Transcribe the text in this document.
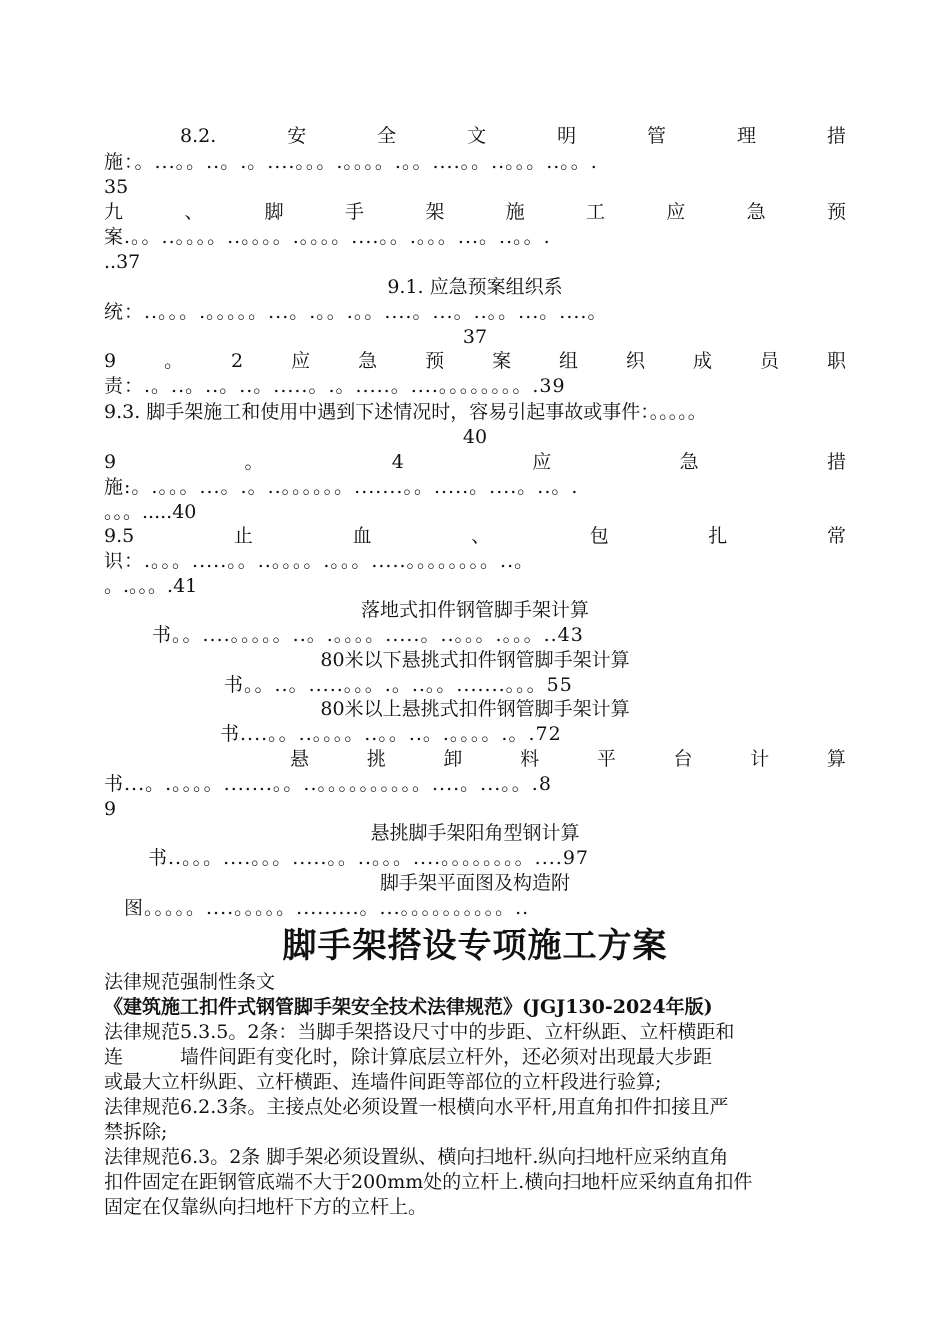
8.2.	安	全	文	明	管	理	措
施：。...。。..。.。....。。。.。。。。.。。....。。..。。。..。。.
35
九	、	脚	手	架	施	工	应	急	预
案.。。..。。。。..。。。。.。。。。....。。.。。。...。..。。.
..37
9.1. 应急预案组织系
统：..。。。.。。。。。...。.。。.。。....。...。..。。...。....。
37
9	。	2	应	急	预	案	组	织	成	员	职
责：.。..。..。..。.....。.。.....。....。。。。。。。。.39
9.3. 脚手架施工和使用中遇到下述情况时，容易引起事故或事件：。。。。。
40
9	。	4	应	急	措
施:。.。。。...。.。..。。。。。。.......。。.....。....。..。.
。。。.....40
9.5	止	血	、	包	扎	常
识：.。。。.....。。..。。。。.。。。.....。。。。。。。。..。
。.。。。.41
落地式扣件钢管脚手架计算
书。。....。。。。。..。.。。。。.....。..。。。.。。。..43
80米以下悬挑式扣件钢管脚手架计算
书。。..。.....。。。.。..。。.......。。。55
80米以上悬挑式扣件钢管脚手架计算
书....。。..。。。。..。。..。.。。。。.。.72
悬	挑	卸	料	平	台	计	算
书...。.。。。。.......。。..。。。。。。。。。。....。...。。.8
9
悬挑脚手架阳角型钢计算
书..。。。....。。。.....。。..。。。....。。。。。。。。....97
脚手架平面图及构造附
图。。。。。....。。。。。.........。...。。。。。。。。。。..
脚手架搭设专项施工方案
法律规范强制性条文
《建筑施工扣件式钢管脚手架安全技术法律规范》(JGJ130-2024年版)
法律规范5.3.5。2条：当脚手架搭设尺寸中的步距、立杆纵距、立杆横距和
连　　　墙件间距有变化时，除计算底层立杆外，还必须对出现最大步距
或最大立杆纵距、立杆横距、连墙件间距等部位的立杆段进行验算;
法律规范6.2.3条。主接点处必须设置一根横向水平杆,用直角扣件扣接且严
禁拆除;
法律规范6.3。2条 脚手架必须设置纵、横向扫地杆.纵向扫地杆应采纳直角
扣件固定在距钢管底端不大于200mm处的立杆上.横向扫地杆应采纳直角扣件
固定在仅靠纵向扫地杆下方的立杆上。
